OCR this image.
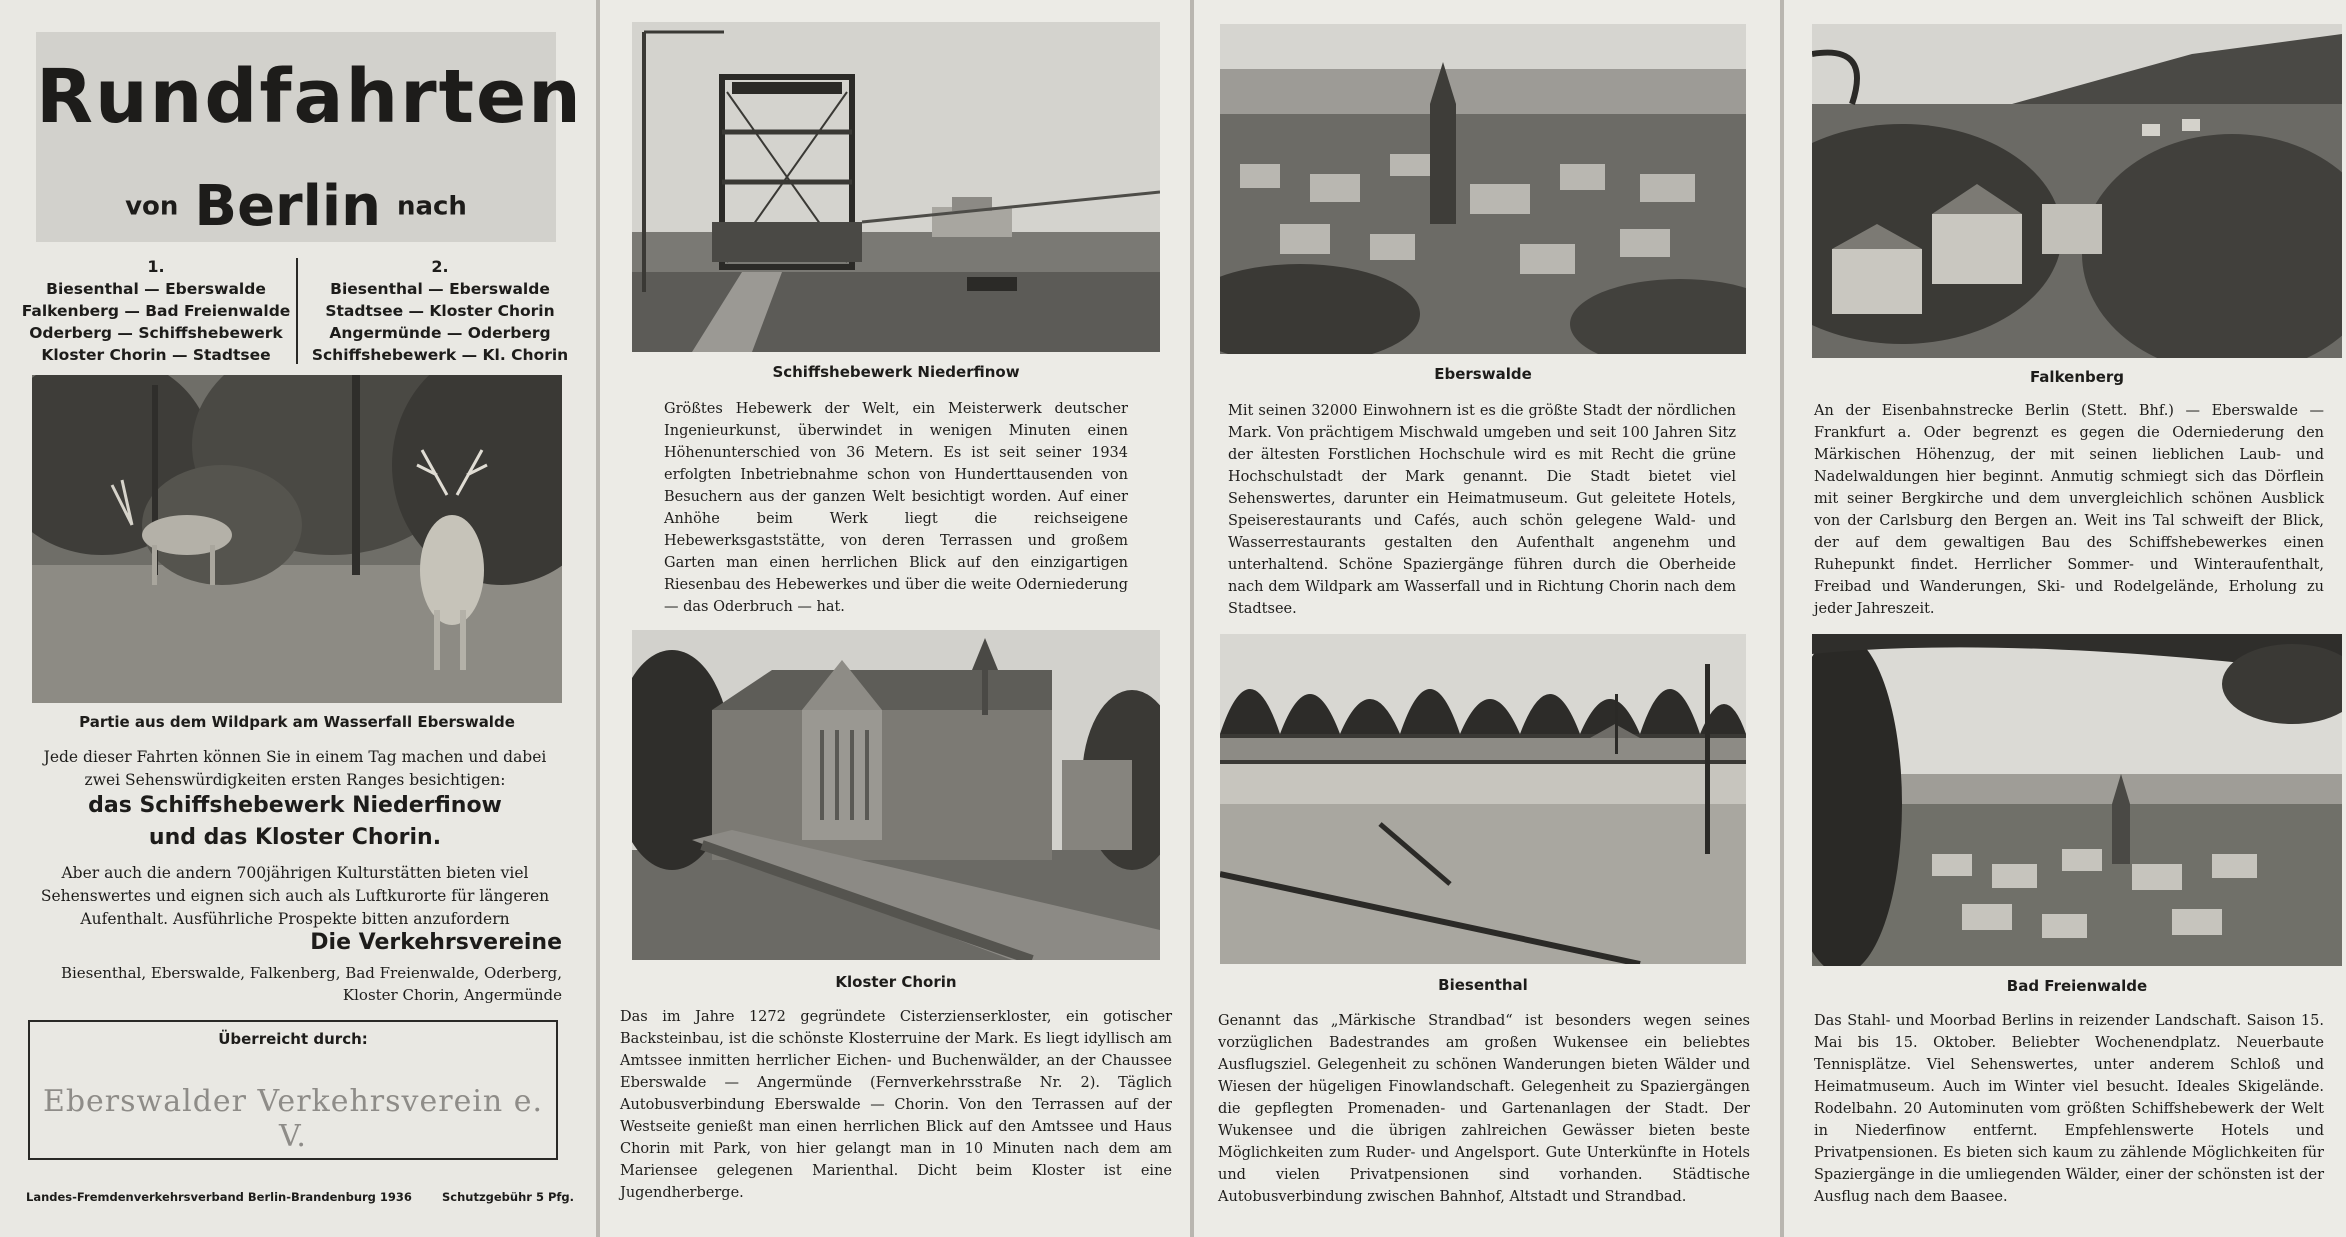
Rundfahrten
von Berlin nach
1.
Biesenthal — Eberswalde
Falkenberg — Bad Freienwalde
Oderberg — Schiffshebewerk
Kloster Chorin — Stadtsee
2.
Biesenthal — Eberswalde
Stadtsee — Kloster Chorin
Angermünde — Oderberg
Schiffshebewerk — Kl. Chorin
Partie aus dem Wildpark am Wasserfall Eberswalde
Jede dieser Fahrten können Sie in einem Tag machen und dabei zwei Sehenswürdigkeiten ersten Ranges besichtigen:
das Schiffshebewerk Niederfinow
und das Kloster Chorin.
Aber auch die andern 700jährigen Kulturstätten bieten viel Sehenswertes und eignen sich auch als Luftkurorte für längeren Aufenthalt. Ausführliche Prospekte bitten anzufordern
Die Verkehrsvereine
Biesenthal, Eberswalde, Falkenberg, Bad Freienwalde, Oderberg,
Kloster Chorin, Angermünde
Überreicht durch:
Eberswalder Verkehrsverein e. V.
Landes-Fremdenverkehrsverband Berlin-Brandenburg 1936	Schutzgebühr 5 Pfg.
Schiffshebewerk Niederfinow
Größtes Hebewerk der Welt, ein Meisterwerk deutscher Ingenieurkunst, überwindet in wenigen Minuten einen Höhenunterschied von 36 Metern. Es ist seit seiner 1934 erfolgten Inbetriebnahme schon von Hunderttausenden von Besuchern aus der ganzen Welt besichtigt worden. Auf einer Anhöhe beim Werk liegt die reichseigene Hebewerksgaststätte, von deren Terrassen und großem Garten man einen herrlichen Blick auf den einzigartigen Riesenbau des Hebewerkes und über die weite Oderniederung — das Oderbruch — hat.
Kloster Chorin
Das im Jahre 1272 gegründete Cisterzienserkloster, ein gotischer Backsteinbau, ist die schönste Klosterruine der Mark. Es liegt idyllisch am Amtssee inmitten herrlicher Eichen- und Buchenwälder, an der Chaussee Eberswalde — Angermünde (Fernverkehrsstraße Nr. 2). Täglich Autobusverbindung Eberswalde — Chorin. Von den Terrassen auf der Westseite genießt man einen herrlichen Blick auf den Amtssee und Haus Chorin mit Park, von hier gelangt man in 10 Minuten nach dem am Mariensee gelegenen Marienthal. Dicht beim Kloster ist eine Jugendherberge.
Eberswalde
Mit seinen 32000 Einwohnern ist es die größte Stadt der nördlichen Mark. Von prächtigem Mischwald umgeben und seit 100 Jahren Sitz der ältesten Forstlichen Hochschule wird es mit Recht die grüne Hochschulstadt der Mark genannt. Die Stadt bietet viel Sehenswertes, darunter ein Heimatmuseum. Gut geleitete Hotels, Speiserestaurants und Cafés, auch schön gelegene Wald- und Wasserrestaurants gestalten den Aufenthalt angenehm und unterhaltend. Schöne Spaziergänge führen durch die Oberheide nach dem Wildpark am Wasserfall und in Richtung Chorin nach dem Stadtsee.
Biesenthal
Genannt das „Märkische Strandbad“ ist besonders wegen seines vorzüglichen Badestrandes am großen Wukensee ein beliebtes Ausflugsziel. Gelegenheit zu schönen Wanderungen bieten Wälder und Wiesen der hügeligen Finowlandschaft. Gelegenheit zu Spaziergängen die gepflegten Promenaden- und Gartenanlagen der Stadt. Der Wukensee und die übrigen zahlreichen Gewässer bieten beste Möglichkeiten zum Ruder- und Angelsport. Gute Unterkünfte in Hotels und vielen Privatpensionen sind vorhanden. Städtische Autobusverbindung zwischen Bahnhof, Altstadt und Strandbad.
Falkenberg
An der Eisenbahnstrecke Berlin (Stett. Bhf.) — Eberswalde — Frankfurt a. Oder begrenzt es gegen die Oderniederung den Märkischen Höhenzug, der mit seinen lieblichen Laub- und Nadelwaldungen hier beginnt. Anmutig schmiegt sich das Dörflein mit seiner Bergkirche und dem unvergleichlich schönen Ausblick von der Carlsburg den Bergen an. Weit ins Tal schweift der Blick, der auf dem gewaltigen Bau des Schiffshebewerkes einen Ruhepunkt findet. Herrlicher Sommer- und Winteraufenthalt, Freibad und Wanderungen, Ski- und Rodelgelände, Erholung zu jeder Jahreszeit.
Bad Freienwalde
Das Stahl- und Moorbad Berlins in reizender Landschaft. Saison 15. Mai bis 15. Oktober. Beliebter Wochenendplatz. Neuerbaute Tennisplätze. Viel Sehenswertes, unter anderem Schloß und Heimatmuseum. Auch im Winter viel besucht. Ideales Skigelände. Rodelbahn. 20 Autominuten vom größten Schiffshebewerk der Welt in Niederfinow entfernt. Empfehlenswerte Hotels und Privatpensionen. Es bieten sich kaum zu zählende Möglichkeiten für Spaziergänge in die umliegenden Wälder, einer der schönsten ist der Ausflug nach dem Baasee.
